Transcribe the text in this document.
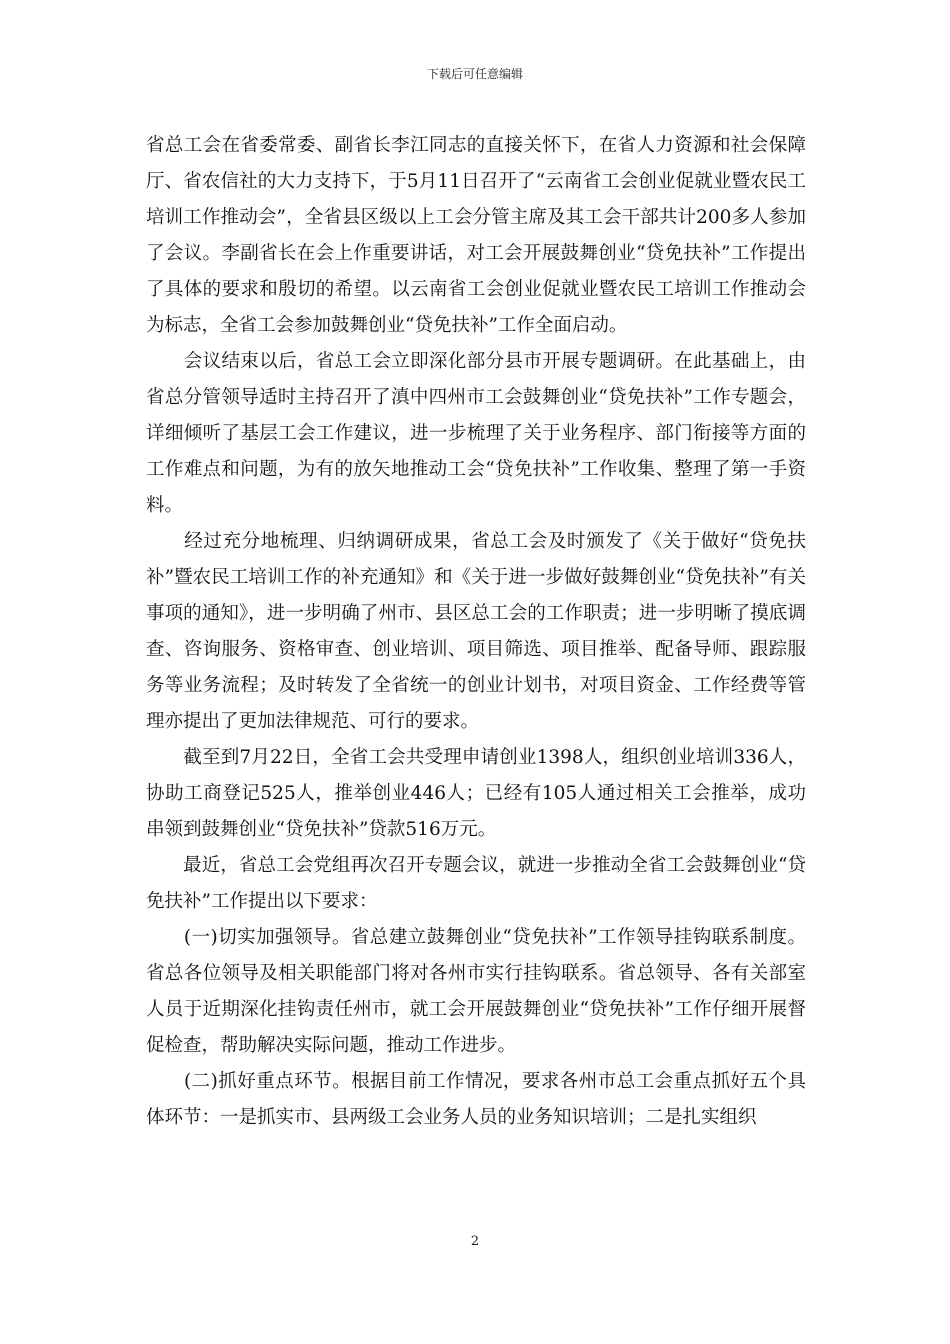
下载后可任意编辑

省总工会在省委常委、副省长李江同志的直接关怀下，在省人力资源和社会保障厅、省农信社的大力支持下，于5月11日召开了“云南省工会创业促就业暨农民工培训工作推动会”，全省县区级以上工会分管主席及其工会干部共计200多人参加了会议。李副省长在会上作重要讲话，对工会开展鼓舞创业“贷免扶补”工作提出了具体的要求和殷切的希望。以云南省工会创业促就业暨农民工培训工作推动会为标志，全省工会参加鼓舞创业“贷免扶补”工作全面启动。

　　会议结束以后，省总工会立即深化部分县市开展专题调研。在此基础上，由省总分管领导适时主持召开了滇中四州市工会鼓舞创业“贷免扶补”工作专题会，详细倾听了基层工会工作建议，进一步梳理了关于业务程序、部门衔接等方面的工作难点和问题，为有的放矢地推动工会“贷免扶补”工作收集、整理了第一手资料。

　　经过充分地梳理、归纳调研成果，省总工会及时颁发了《关于做好“贷免扶补”暨农民工培训工作的补充通知》和《关于进一步做好鼓舞创业“贷免扶补”有关事项的通知》，进一步明确了州市、县区总工会的工作职责；进一步明晰了摸底调查、咨询服务、资格审查、创业培训、项目筛选、项目推举、配备导师、跟踪服务等业务流程；及时转发了全省统一的创业计划书，对项目资金、工作经费等管理亦提出了更加法律规范、可行的要求。

　　截至到7月22日，全省工会共受理申请创业1398人，组织创业培训336人，协助工商登记525人，推举创业446人；已经有105人通过相关工会推举，成功串领到鼓舞创业“贷免扶补”贷款516万元。

　　最近，省总工会党组再次召开专题会议，就进一步推动全省工会鼓舞创业“贷免扶补”工作提出以下要求：

　　(一)切实加强领导。省总建立鼓舞创业“贷免扶补”工作领导挂钩联系制度。省总各位领导及相关职能部门将对各州市实行挂钩联系。省总领导、各有关部室人员于近期深化挂钩责任州市，就工会开展鼓舞创业“贷免扶补”工作仔细开展督促检查，帮助解决实际问题，推动工作进步。

　　(二)抓好重点环节。根据目前工作情况，要求各州市总工会重点抓好五个具体环节：一是抓实市、县两级工会业务人员的业务知识培训；二是扎实组织

2
